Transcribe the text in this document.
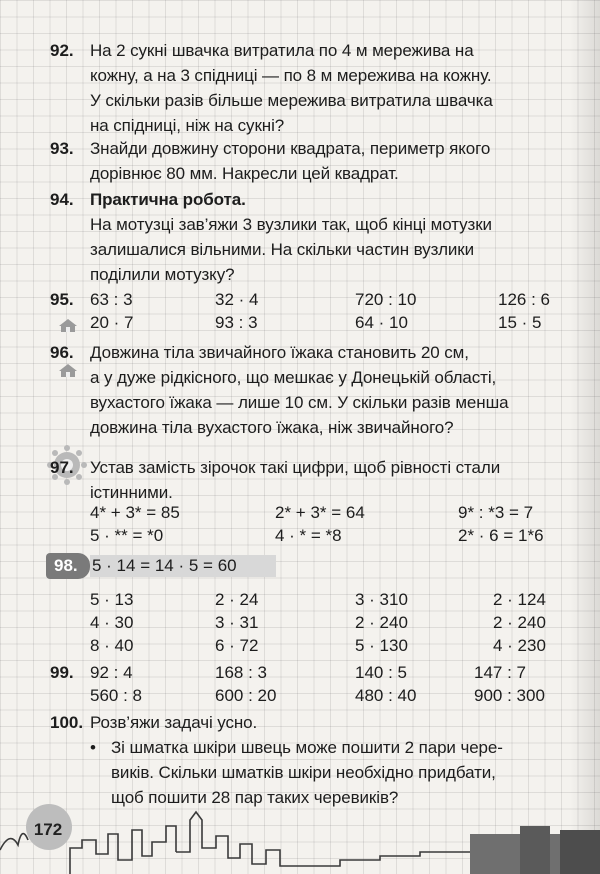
92. На 2 сукні швачка витратила по 4 м мережива на

кожну, а на 3 спідниці — по 8 м мережива на кожну.

У скільки разів більше мережива витратила швачка

на спідниці, ніж на сукні?

93. Знайди довжину сторони квадрата, периметр якого

дорівнює 80 мм. Накресли цей квадрат.

94. Практична робота.

На мотузці зав’яжи 3 вузлики так, щоб кінці мотузки

залишалися вільними. На скільки частин вузлики

поділили мотузку?

95. 63 : 3	32 · 4	720 : 10	126 : 6
20 · 7	93 : 3	64 · 10	15 · 5
96. Довжина тіла звичайного їжака становить 20 см,

а у дуже рідкісного, що мешкає у Донецькій області,

вухастого їжака — лише 10 см. У скільки разів менша

довжина тіла вухастого їжака, ніж звичайного?

97. Устав замість зірочок такі цифри, щоб рівності стали

істинними.

4* + 3* = 85	2* + 3* = 64	9* : *3 = 7
5 · ** = *0	4 · * = *8	2* · 6 = 1*6
98. 5 · 14 = 14 · 5 = 60
5 · 13	2 · 24	3 · 310	2 · 124
4 · 30	3 · 31	2 · 240	2 · 240
8 · 40	6 · 72	5 · 130	4 · 230
99. 92 : 4	168 : 3	140 : 5	147 : 7
560 : 8	600 : 20	480 : 40	900 : 300
100. Розв’яжи задачі усно.

• Зі шматка шкіри швець може пошити 2 пари чере-

виків. Скільки шматків шкіри необхідно придбати,

щоб пошити 28 пар таких черевиків?

172
